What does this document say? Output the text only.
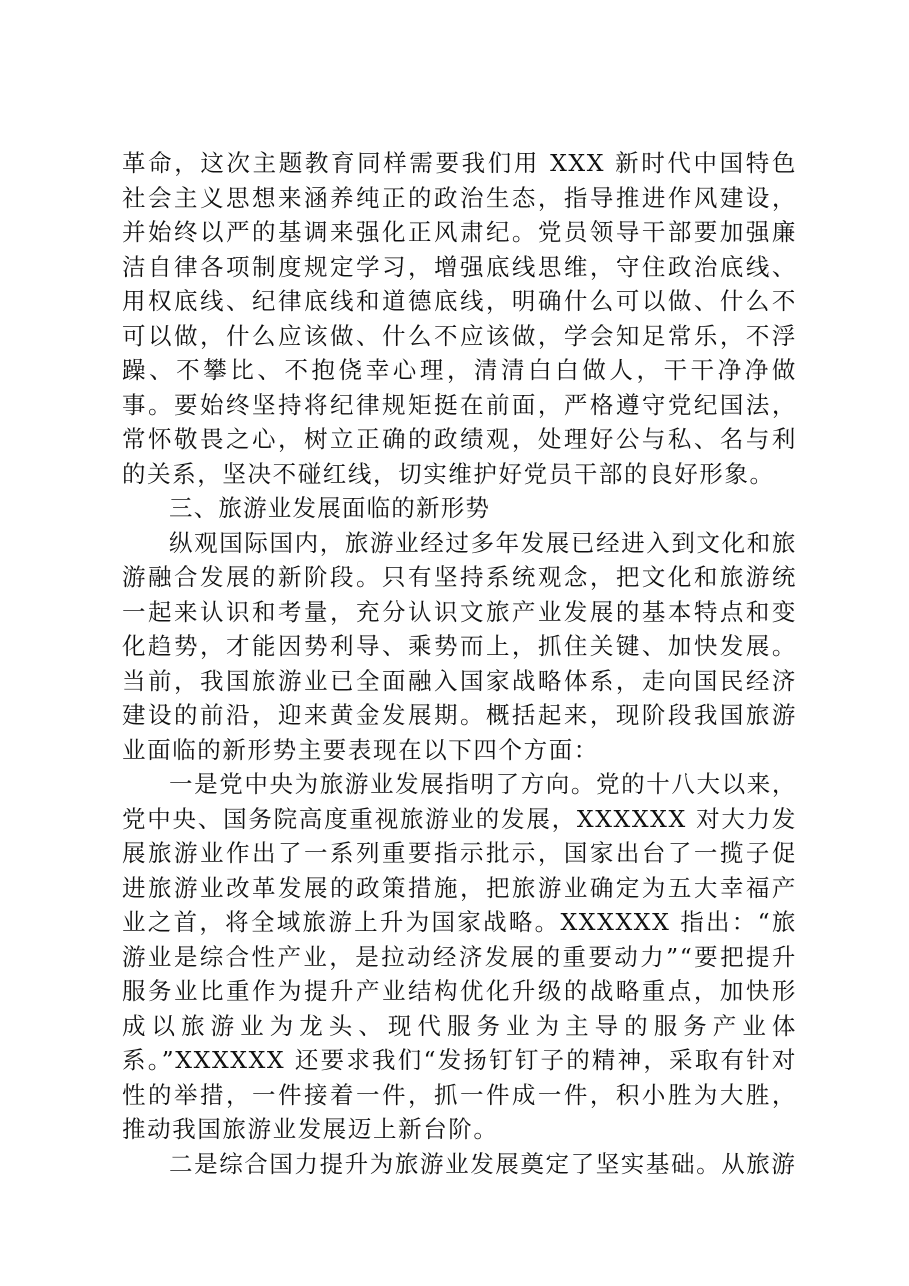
革命，这次主题教育同样需要我们用 XXX 新时代中国特色社会主义思想来涵养纯正的政治生态，指导推进作风建设，并始终以严的基调来强化正风肃纪。党员领导干部要加强廉洁自律各项制度规定学习，增强底线思维，守住政治底线、用权底线、纪律底线和道德底线，明确什么可以做、什么不可以做，什么应该做、什么不应该做，学会知足常乐，不浮躁、不攀比、不抱侥幸心理，清清白白做人，干干净净做事。要始终坚持将纪律规矩挺在前面，严格遵守党纪国法，常怀敬畏之心，树立正确的政绩观，处理好公与私、名与利的关系，坚决不碰红线，切实维护好党员干部的良好形象。

三、旅游业发展面临的新形势

纵观国际国内，旅游业经过多年发展已经进入到文化和旅游融合发展的新阶段。只有坚持系统观念，把文化和旅游统一起来认识和考量，充分认识文旅产业发展的基本特点和变化趋势，才能因势利导、乘势而上，抓住关键、加快发展。当前，我国旅游业已全面融入国家战略体系，走向国民经济建设的前沿，迎来黄金发展期。概括起来，现阶段我国旅游业面临的新形势主要表现在以下四个方面：

一是党中央为旅游业发展指明了方向。党的十八大以来，党中央、国务院高度重视旅游业的发展，XXXXXX 对大力发展旅游业作出了一系列重要指示批示，国家出台了一揽子促进旅游业改革发展的政策措施，把旅游业确定为五大幸福产业之首，将全域旅游上升为国家战略。XXXXXX 指出：“旅游业是综合性产业，是拉动经济发展的重要动力”“要把提升服务业比重作为提升产业结构优化升级的战略重点，加快形成以旅游业为龙头、现代服务业为主导的服务产业体系。”XXXXXX 还要求我们“发扬钉钉子的精神，采取有针对性的举措，一件接着一件，抓一件成一件，积小胜为大胜，推动我国旅游业发展迈上新台阶。

二是综合国力提升为旅游业发展奠定了坚实基础。从旅游
